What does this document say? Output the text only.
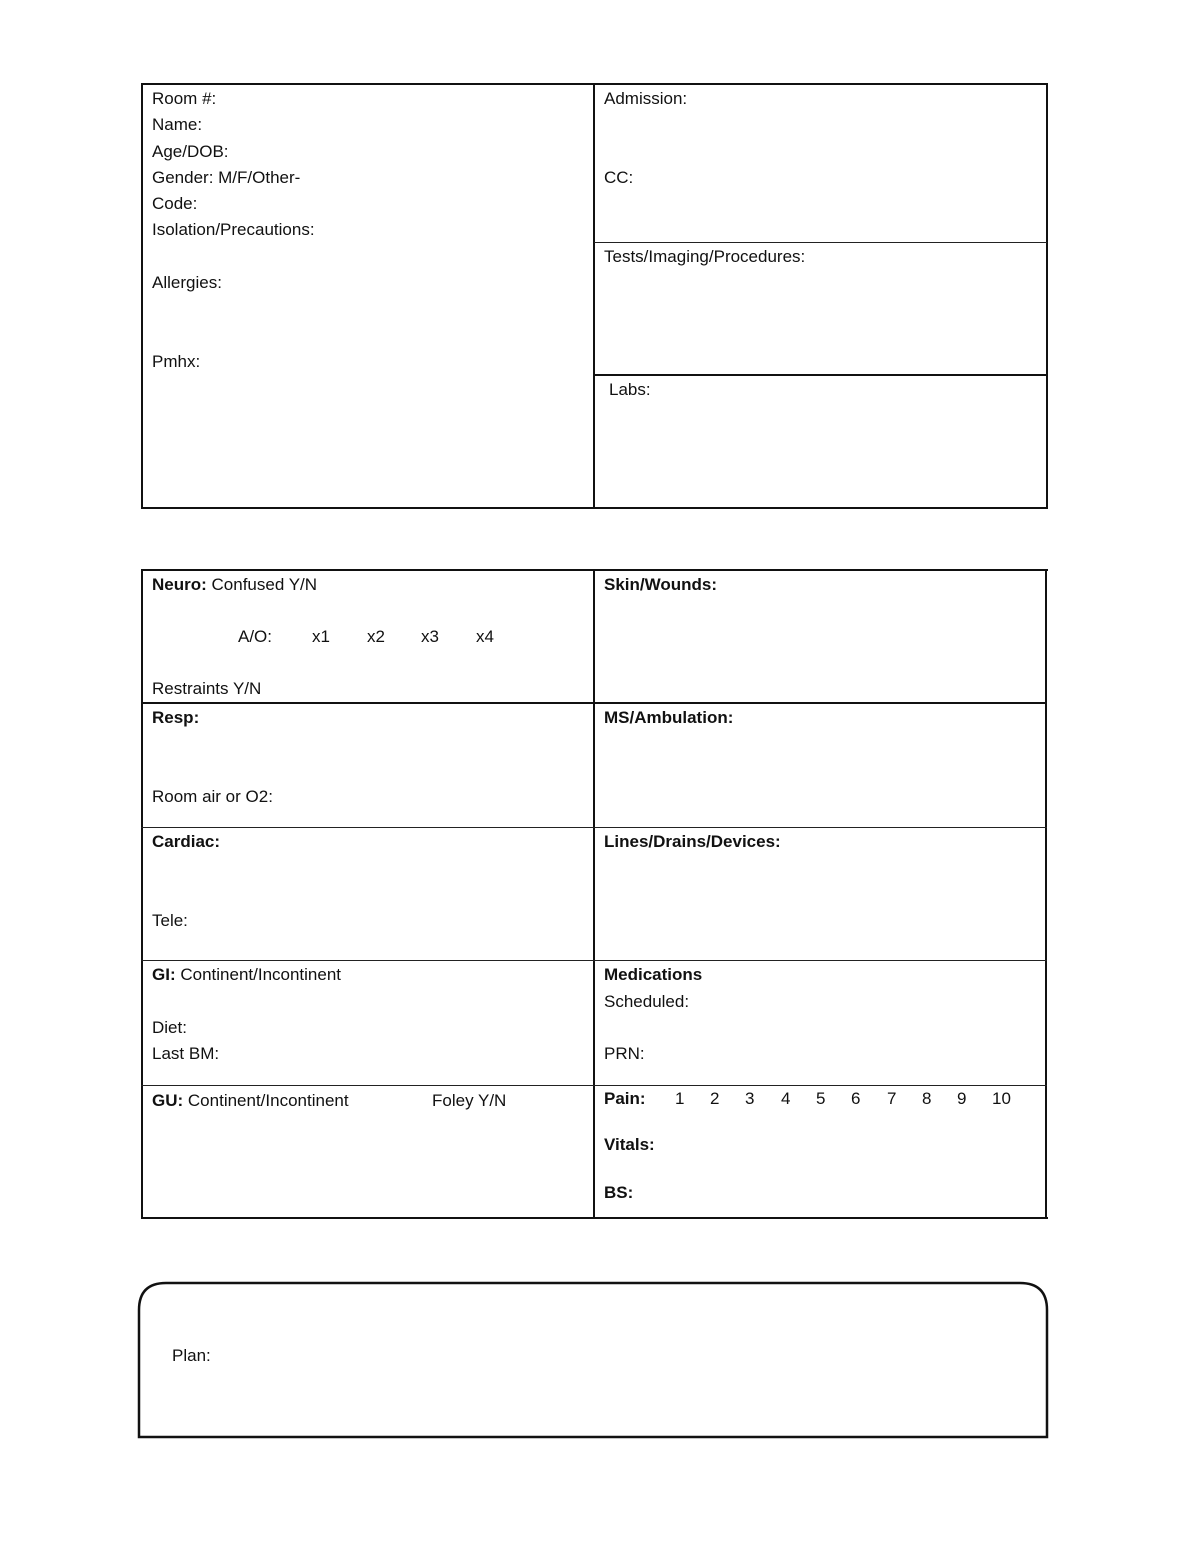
Room #:
Name:
Age/DOB:
Gender: M/F/Other-
Code:
Isolation/Precautions:
Allergies:
Pmhx:
Admission:
CC:
Tests/Imaging/Procedures:
Labs:
Neuro: Confused Y/N
A/O: x1 x2 x3 x4
Restraints Y/N
Skin/Wounds:
Resp:
Room air or O2:
MS/Ambulation:
Cardiac:
Tele:
Lines/Drains/Devices:
GI: Continent/Incontinent
Diet:
Last BM:
Medications
Scheduled:
PRN:
GU: Continent/Incontinent	Foley Y/N	Pain: 1 2 3 4 5 6 7 8 9 10
Vitals:
BS:
Plan:
